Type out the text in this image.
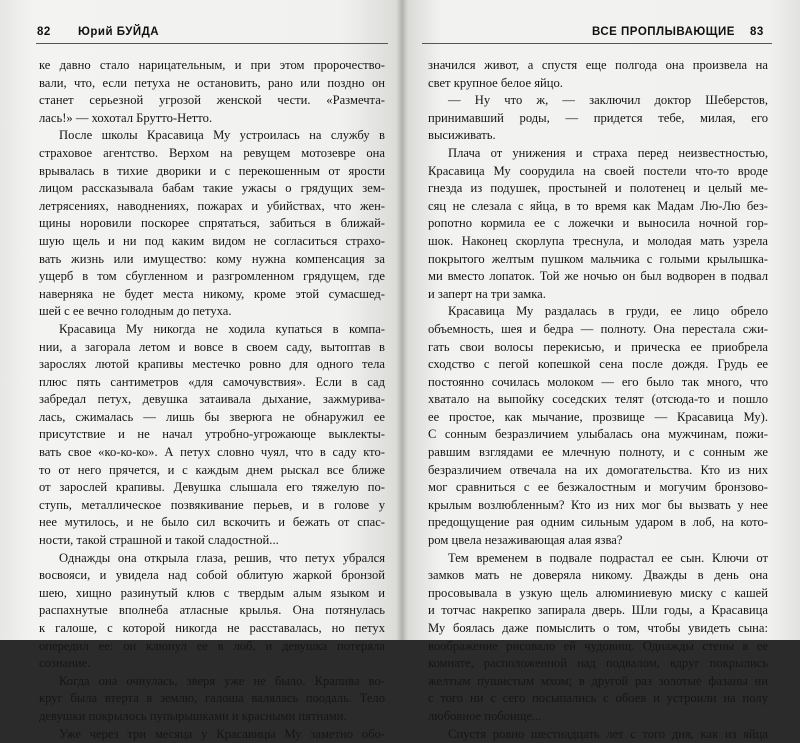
82 Юрий БУЙДА
ке давно стало нарицательным, и при этом пророчество-
вали, что, если петуха не остановить, рано или поздно он
станет серьезной угрозой женской чести. «Размечта-
лась!» — хохотал Брутто-Нетто.
После школы Красавица Му устроилась на службу в
страховое агентство. Верхом на ревущем мотозевре она
врывалась в тихие дворики и с перекошенным от ярости
лицом рассказывала бабам такие ужасы о грядущих зем-
летрясениях, наводнениях, пожарах и убийствах, что жен-
щины норовили поскорее спрятаться, забиться в ближай-
шую щель и ни под каким видом не согласиться страхо-
вать жизнь или имущество: кому нужна компенсация за
ущерб в том сбугленном и разгромленном грядущем, где
наверняка не будет места никому, кроме этой сумасшед-
шей с ее вечно голодным до петуха.
Красавица Му никогда не ходила купаться в компа-
нии, а загорала летом и вовсе в своем саду, вытоптав в
зарослях лютой крапивы местечко ровно для одного тела
плюс пять сантиметров «для самочувствия». Если в сад
забредал петух, девушка затаивала дыхание, зажмурива-
лась, сжималась — лишь бы зверюга не обнаружил ее
присутствие и не начал утробно-угрожающе выклекты-
вать свое «ко-ко-ко». А петух словно чуял, что в саду кто-
то от него прячется, и с каждым днем рыскал все ближе
от зарослей крапивы. Девушка слышала его тяжелую по-
ступь, металлическое позвякивание перьев, и в голове у
нее мутилось, и не было сил вскочить и бежать от спас-
ности, такой страшной и такой сладостной...
Однажды она открыла глаза, решив, что петух убрался
восвояси, и увидела над собой облитую жаркой бронзой
шею, хищно разинутый клюв с твердым алым языком и
распахнутые вполнеба атласные крылья. Она потянулась
к галоше, с которой никогда не расставалась, но петух
опередил ее: он клюнул ее в лоб, и девушка потеряла
сознание.
Когда она очнулась, зверя уже не было. Крапива во-
круг была втерта в землю, галоша валялась поодаль. Тело
девушки покрылось пупырышками и красными пятнами.
Уже через три месяца у Красавицы Му заметно обо-
ВСЕ ПРОПЛЫВАЮЩИЕ 83
значился живот, а спустя еще полгода она произвела на
свет крупное белое яйцо.
— Ну что ж, — заключил доктор Шеберстов,
принимавший роды, — придется тебе, милая, его
высиживать.
Плача от унижения и страха перед неизвестностью,
Красавица Му соорудила на своей постели что-то вроде
гнезда из подушек, простыней и полотенец и целый ме-
сяц не слезала с яйца, в то время как Мадам Лю-Лю без-
ропотно кормила ее с ложечки и выносила ночной гор-
шок. Наконец скорлупа треснула, и молодая мать узрела
покрытого желтым пушком мальчика с голыми крылышка-
ми вместо лопаток. Той же ночью он был водворен в подвал
и заперт на три замка.
Красавица Му раздалась в груди, ее лицо обрело
объемность, шея и бедра — полноту. Она перестала сжи-
гать свои волосы перекисью, и прическа ее приобрела
сходство с пегой копешкой сена после дождя. Грудь ее
постоянно сочилась молоком — его было так много, что
хватало на выпойку соседских телят (отсюда-то и пошло
ее простое, как мычание, прозвище — Красавица Му).
С сонным безразличием улыбалась она мужчинам, пожи-
равшим взглядами ее млечную полноту, и с сонным же
безразличием отвечала на их домогательства. Кто из них
мог сравниться с ее безжалостным и могучим бронзово-
крылым возлюбленным? Кто из них мог бы вызвать у нее
предощущение рая одним сильным ударом в лоб, на кото-
ром цвела незаживающая алая язва?
Тем временем в подвале подрастал ее сын. Ключи от
замков мать не доверяла никому. Дважды в день она
просовывала в узкую щель алюминиевую миску с кашей
и тотчас накрепко запирала дверь. Шли годы, а Красавица
Му боялась даже помыслить о том, чтобы увидеть сына:
воображение рисовало ей чудовищ. Однажды стены в ее
комнате, расположенной над подвалом, вдруг покрылись
желтым пушистым мхом; в другой раз золотые фазаны ни
с того ни с сего посыпались с обоев и устроили на полу
любовное побоище...
Спустя ровно шестнадцать лет с того дня, как из яйца
